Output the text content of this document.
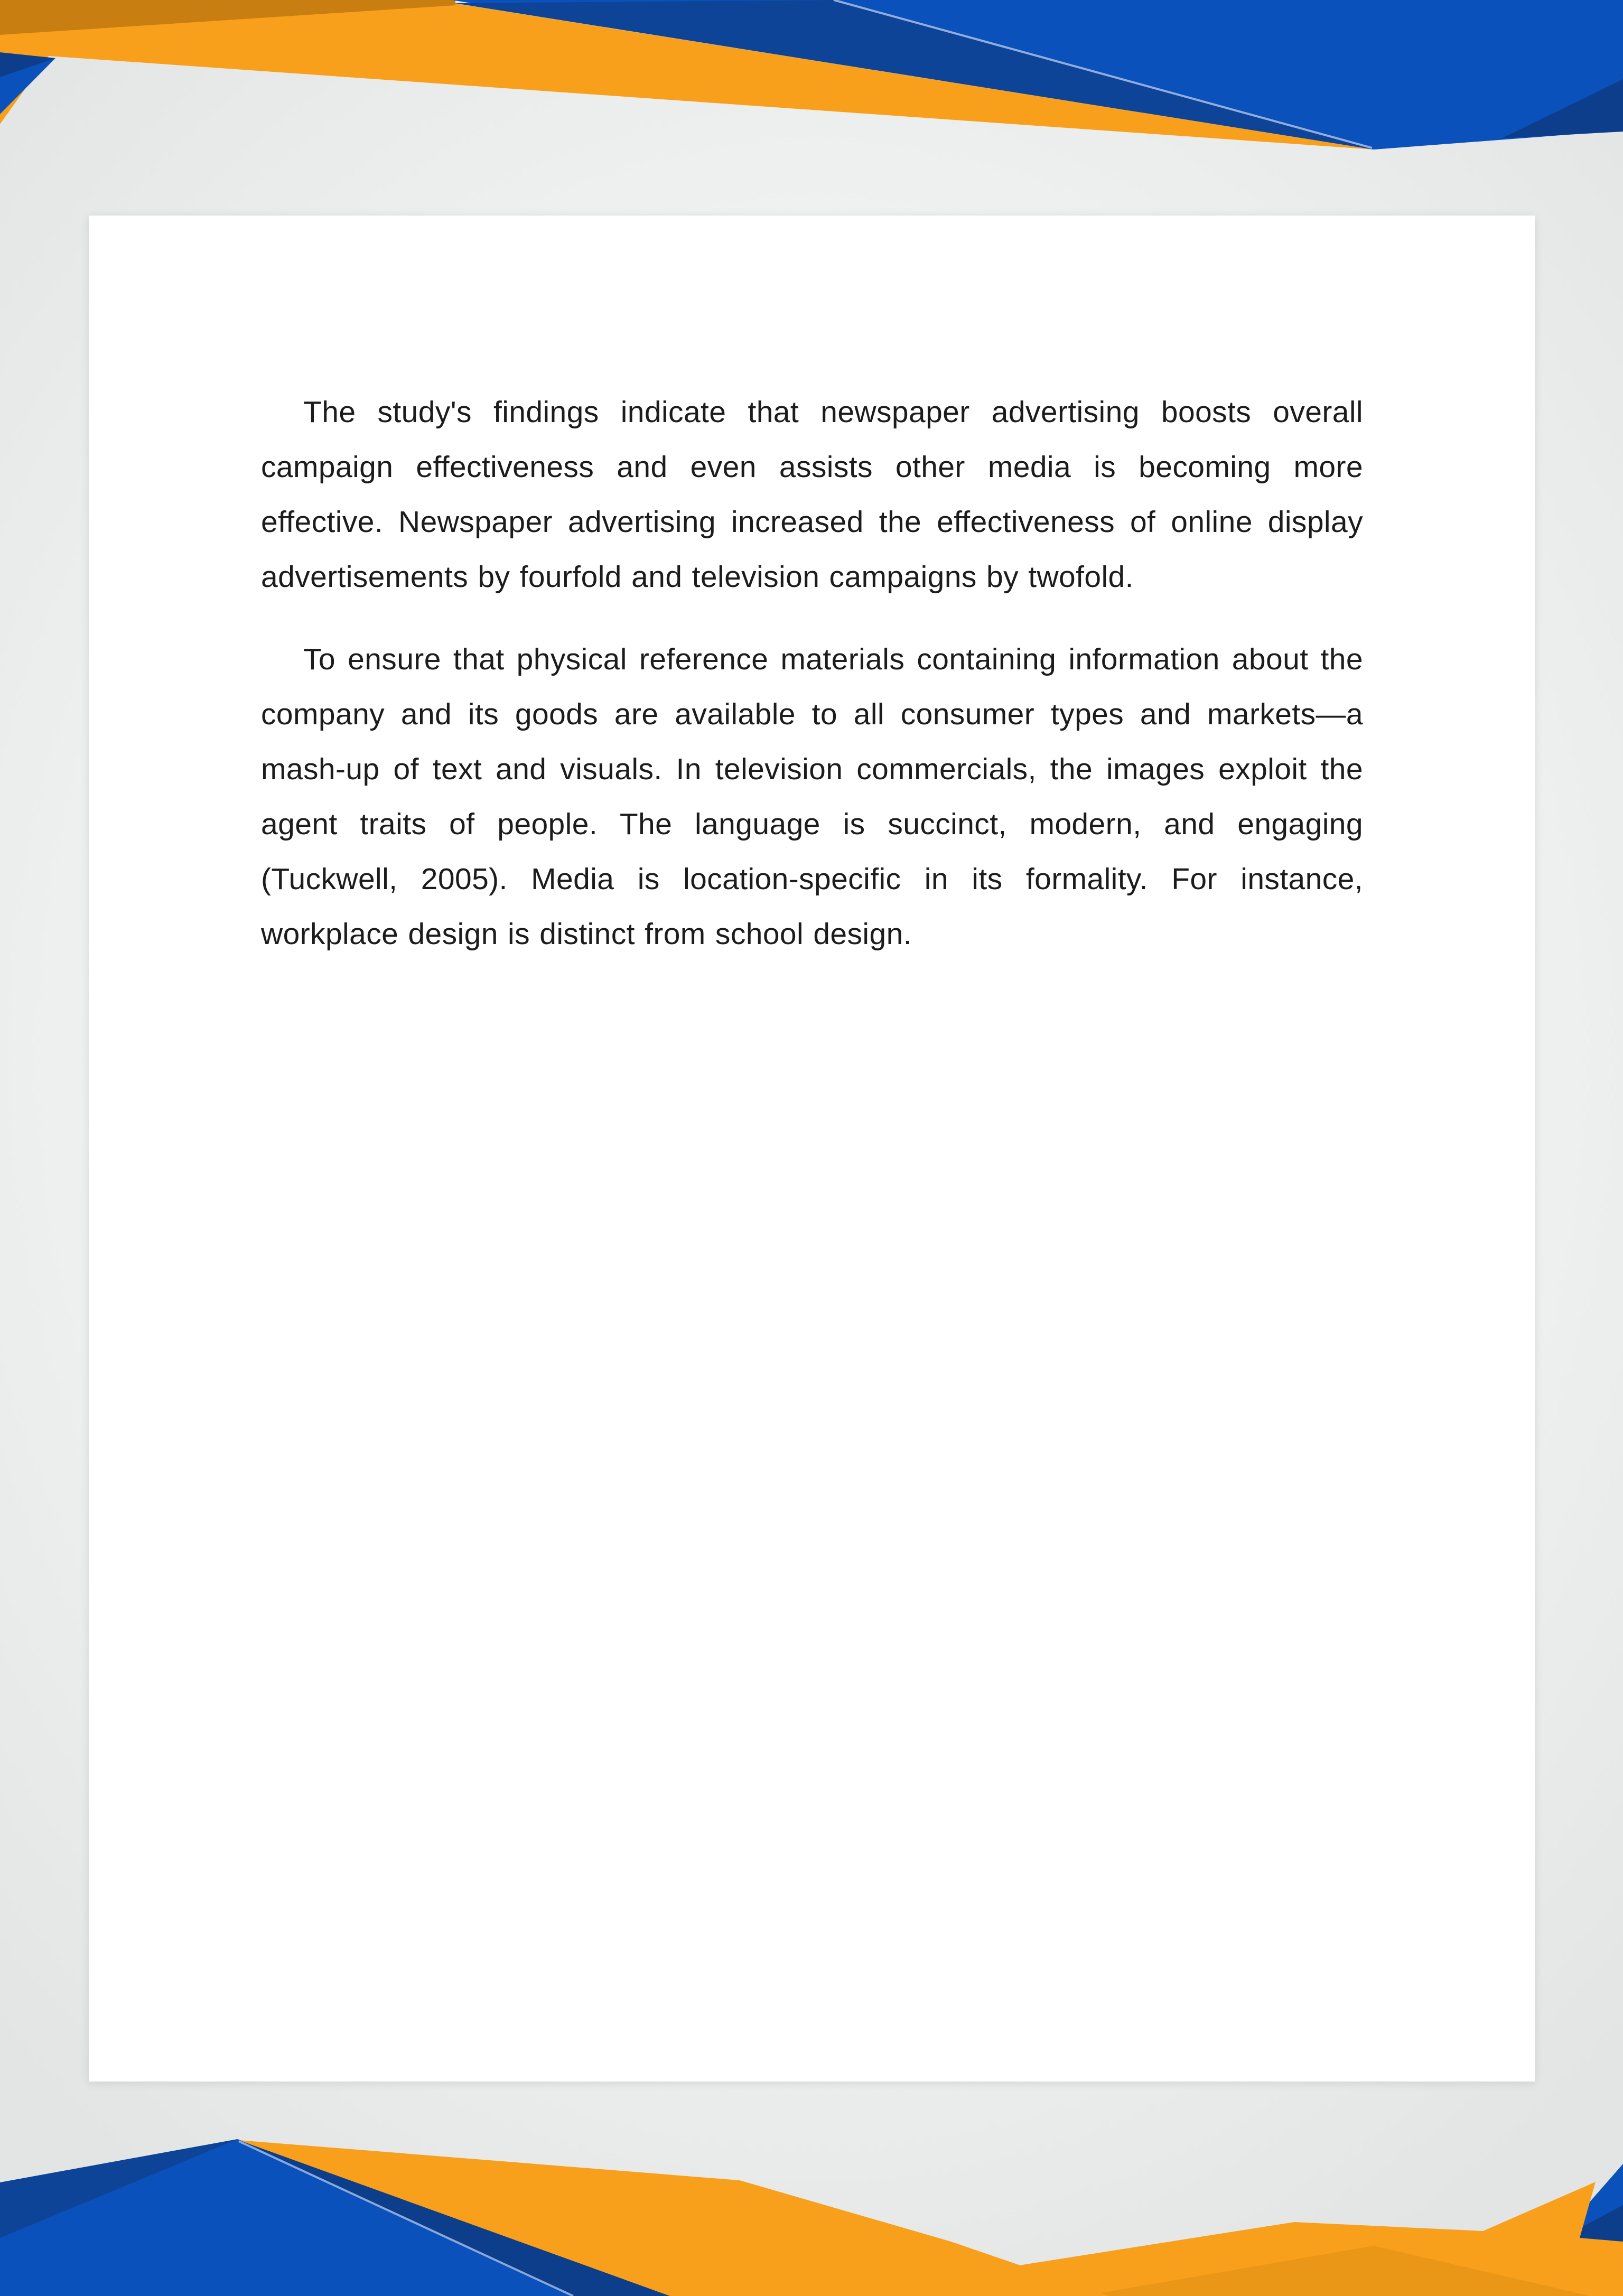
The study's findings indicate that newspaper advertising boosts overall campaign effectiveness and even assists other media is becoming more effective. Newspaper advertising increased the effectiveness of online display advertisements by fourfold and television campaigns by twofold.

To ensure that physical reference materials containing information about the company and its goods are available to all consumer types and markets—a mash-up of text and visuals. In television commercials, the images exploit the agent traits of people. The language is succinct, modern, and engaging (Tuckwell, 2005). Media is location-specific in its formality. For instance, workplace design is distinct from school design.
